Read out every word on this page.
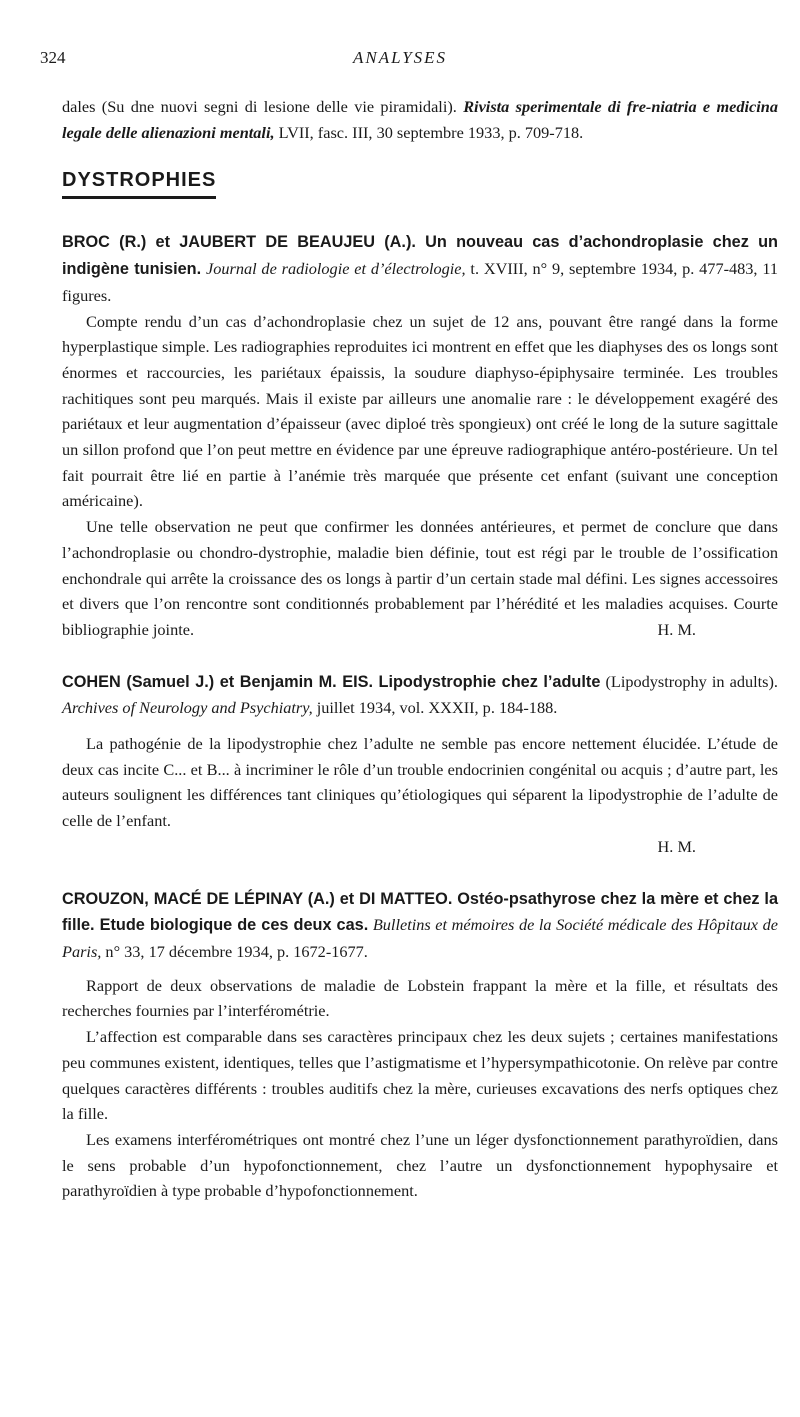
324	ANALYSES

dales (Su dne nuovi segni di lesione delle vie piramidali). Rivista sperimentale di fre-niatria e medicina legale delle alienazioni mentali, LVII, fasc. III, 30 septembre 1933, p. 709-718.

DYSTROPHIES

BROC (R.) et JAUBERT DE BEAUJEU (A.). Un nouveau cas d’achondroplasie chez un indigène tunisien. Journal de radiologie et d’électrologie, t. XVIII, n° 9, septembre 1934, p. 477-483, 11 figures.

Compte rendu d’un cas d’achondroplasie chez un sujet de 12 ans, pouvant être rangé dans la forme hyperplastique simple. Les radiographies reproduites ici montrent en effet que les diaphyses des os longs sont énormes et raccourcies, les pariétaux épaissis, la soudure diaphyso-épiphysaire terminée. Les troubles rachitiques sont peu marqués. Mais il existe par ailleurs une anomalie rare : le développement exagéré des pariétaux et leur augmentation d’épaisseur (avec diploé très spongieux) ont créé le long de la suture sagittale un sillon profond que l’on peut mettre en évidence par une épreuve radiographique antéro-postérieure. Un tel fait pourrait être lié en partie à l’anémie très marquée que présente cet enfant (suivant une conception américaine).

Une telle observation ne peut que confirmer les données antérieures, et permet de conclure que dans l’achondroplasie ou chondro-dystrophie, maladie bien définie, tout est régi par le trouble de l’ossification enchondrale qui arrête la croissance des os longs à partir d’un certain stade mal défini. Les signes accessoires et divers que l’on rencontre sont conditionnés probablement par l’hérédité et les maladies acquises. Courte bibliographie jointe.	H. M.

COHEN (Samuel J.) et Benjamin M. EIS. Lipodystrophie chez l’adulte (Lipodystrophy in adults). Archives of Neurology and Psychiatry, juillet 1934, vol. XXXII, p. 184-188.

La pathogénie de la lipodystrophie chez l’adulte ne semble pas encore nettement élucidée. L’étude de deux cas incite C... et B... à incriminer le rôle d’un trouble endocrinien congénital ou acquis ; d’autre part, les auteurs soulignent les différences tant cliniques qu’étiologiques qui séparent la lipodystrophie de l’adulte de celle de l’enfant.

H. M.

CROUZON, MACÉ DE LÉPINAY (A.) et DI MATTEO. Ostéo-psathyrose chez la mère et chez la fille. Etude biologique de ces deux cas. Bulletins et mémoires de la Société médicale des Hôpitaux de Paris, n° 33, 17 décembre 1934, p. 1672-1677.

Rapport de deux observations de maladie de Lobstein frappant la mère et la fille, et résultats des recherches fournies par l’interférométrie.

L’affection est comparable dans ses caractères principaux chez les deux sujets ; certaines manifestations peu communes existent, identiques, telles que l’astigmatisme et l’hypersympathicotonie. On relève par contre quelques caractères différents : troubles auditifs chez la mère, curieuses excavations des nerfs optiques chez la fille.

Les examens interférométriques ont montré chez l’une un léger dysfonctionnement parathyroïdien, dans le sens probable d’un hypofonctionnement, chez l’autre un dysfonctionnement hypophysaire et parathyroïdien à type probable d’hypofonctionnement.
